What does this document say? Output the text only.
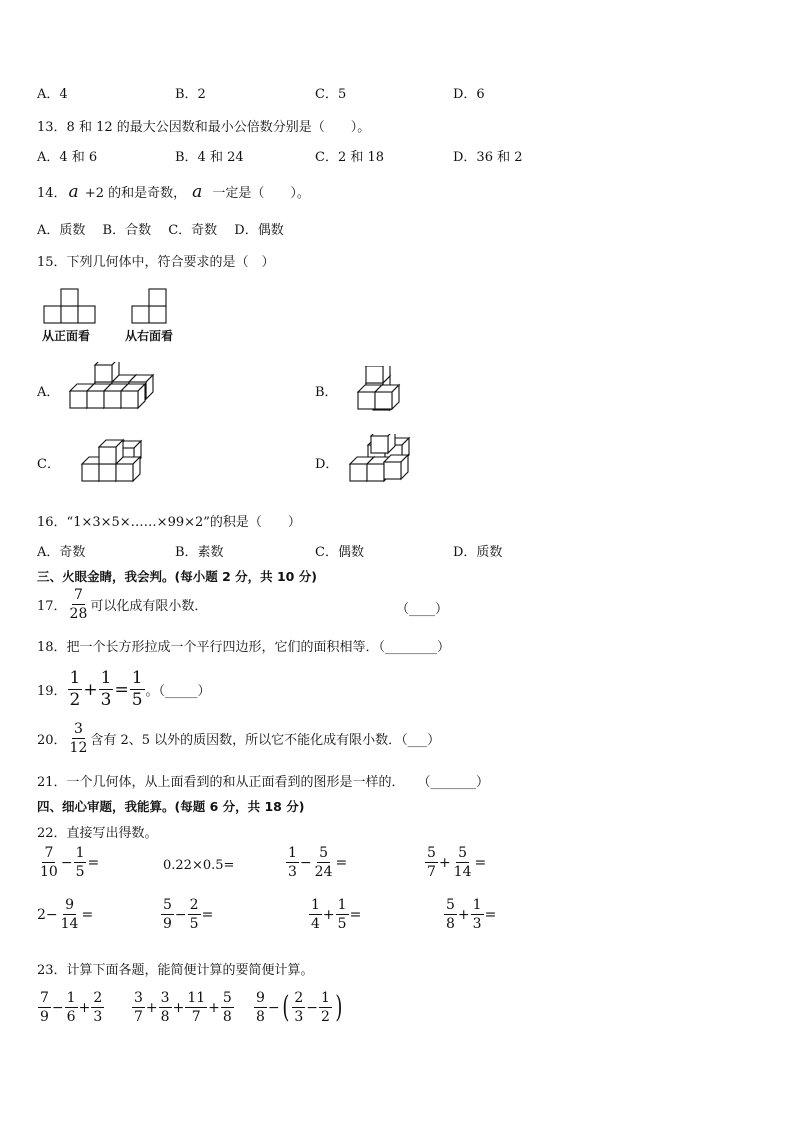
A．4	B．2	C．5	D．6
13．8 和 12 的最大公因数和最小公倍数分别是（　　）。
A．4 和 6	B．4 和 24	C．2 和 18	D．36 和 2
14． a +2 的和是奇数， a 一定是（　　）。
A．质数　 B．合数　 C．奇数　 D．偶数
15．下列几何体中，符合要求的是（　）
从正面看	从右面看
A．	B．
C．	D．
16．“1×3×5×……×99×2”的积是（　　）
A．奇数	B．素数	C．偶数	D．质数
三、火眼金睛，我会判。(每小题 2 分，共 10 分)
17． $\frac{7}{28}$ 可以化成有限小数．	（____）
18．把一个长方形拉成一个平行四边形，它们的面积相等．（________）
19． $\frac{1}{2} + \frac{1}{3} = \frac{1}{5}$ 。（_____）
20． $\frac{3}{12}$ 含有 2、5 以外的质因数，所以它不能化成有限小数．（___）
21．一个几何体，从上面看到的和从正面看到的图形是一样的．　　（_______）
四、细心审题，我能算。(每题 6 分，共 18 分)
22．直接写出得数。
$\frac{7}{10} - \frac{1}{5}$ =	0.22×0.5=	$\frac{1}{3} - \frac{5}{24}$ =	$\frac{5}{7} + \frac{5}{14}$ =
$2- \frac{9}{14}$ =	$\frac{5}{9} - \frac{2}{5}$ =	$\frac{1}{4} + \frac{1}{5}$ =	$\frac{5}{8} + \frac{1}{3}$ =
23．计算下面各题，能简便计算的要简便计算。
$\frac{7}{9} - \frac{1}{6} + \frac{2}{3} \frac{3}{7} + \frac{3}{8} + \frac{11}{7} + \frac{5}{8} \frac{9}{8}$ − ( $\frac{2}{3} - \frac{1}{2}$ )
